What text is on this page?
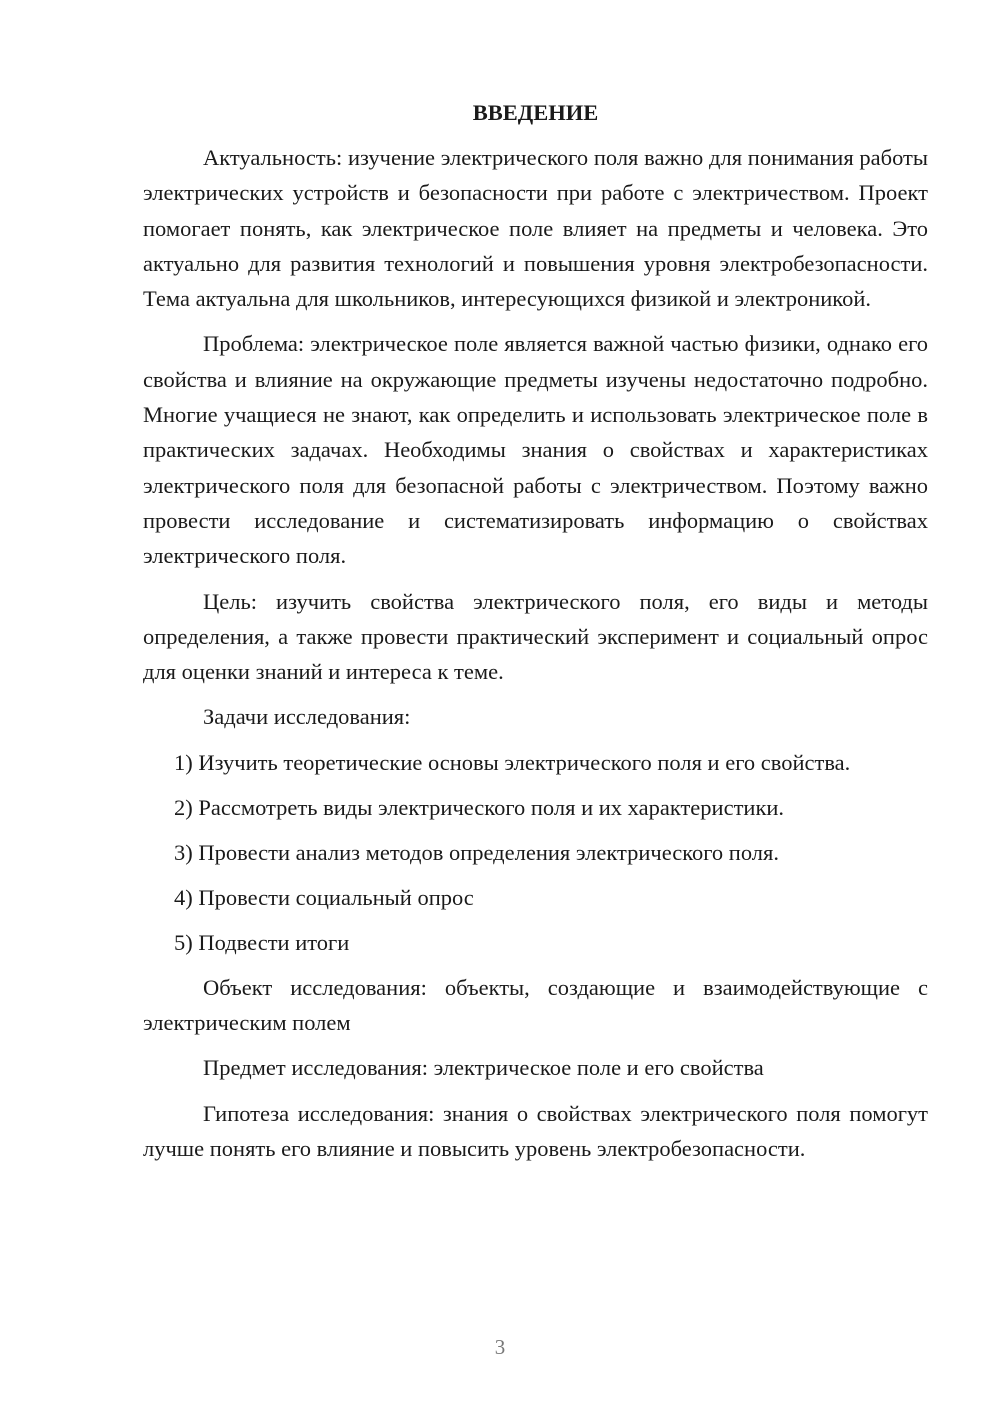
ВВЕДЕНИЕ

Актуальность: изучение электрического поля важно для понимания работы электрических устройств и безопасности при работе с электричеством. Проект помогает понять, как электрическое поле влияет на предметы и человека. Это актуально для развития технологий и повышения уровня электробезопасности. Тема актуальна для школьников, интересующихся физикой и электроникой.

Проблема: электрическое поле является важной частью физики, однако его свойства и влияние на окружающие предметы изучены недостаточно подробно. Многие учащиеся не знают, как определить и использовать электрическое поле в практических задачах. Необходимы знания о свойствах и характеристиках электрического поля для безопасной работы с электричеством. Поэтому важно провести исследование и систематизировать информацию о свойствах электрического поля.

Цель: изучить свойства электрического поля, его виды и методы определения, а также провести практический эксперимент и социальный опрос для оценки знаний и интереса к теме.

Задачи исследования:

1) Изучить теоретические основы электрического поля и его свойства.

2) Рассмотреть виды электрического поля и их характеристики.

3) Провести анализ методов определения электрического поля.

4) Провести социальный опрос

5) Подвести итоги

Объект исследования: объекты, создающие и взаимодействующие с электрическим полем

Предмет исследования: электрическое поле и его свойства

Гипотеза исследования: знания о свойствах электрического поля помогут лучше понять его влияние и повысить уровень электробезопасности.

3
